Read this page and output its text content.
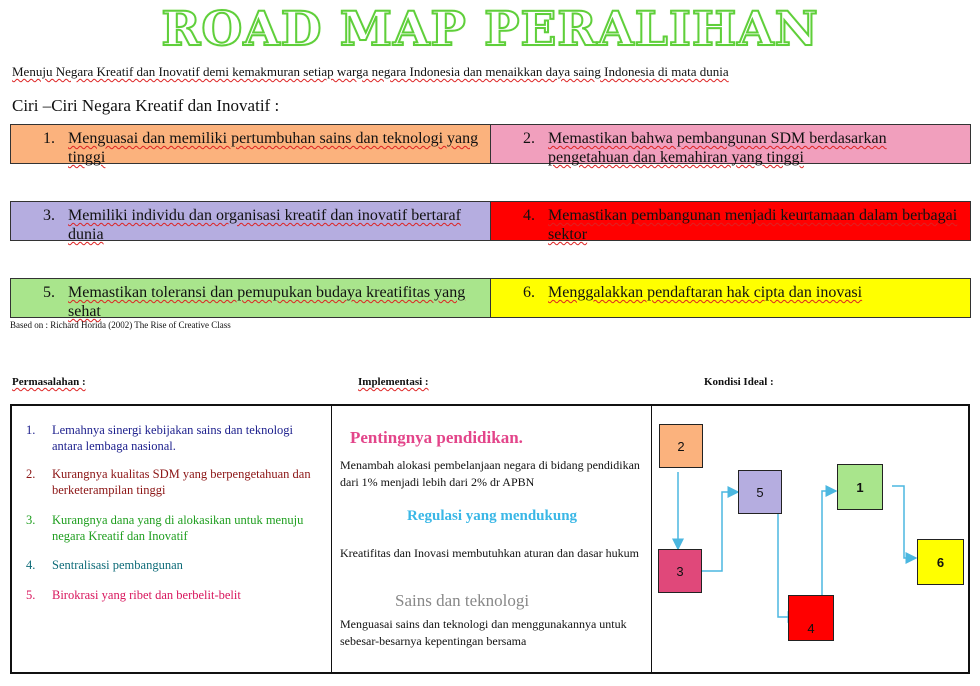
ROAD MAP PERALIHAN
Menuju Negara Kreatif dan Inovatif demi kemakmuran setiap warga negara Indonesia dan menaikkan daya saing Indonesia di mata dunia
Ciri –Ciri Negara Kreatif dan Inovatif :
1. Menguasai dan memiliki pertumbuhan sains dan teknologi yang tinggi
2. Memastikan bahwa pembangunan SDM berdasarkan pengetahuan dan kemahiran yang tinggi
3. Memiliki individu dan organisasi kreatif dan inovatif bertaraf dunia
4. Memastikan pembangunan menjadi keurtamaan dalam berbagai sektor
5. Memastikan toleransi dan pemupukan budaya kreatifitas yang sehat
6. Menggalakkan pendaftaran hak cipta dan inovasi
Based on : Richard Horida (2002) The Rise of Creative Class
Permasalahan :	Implementasi :	Kondisi Ideal :
1. Lemahnya sinergi kebijakan sains dan teknologi antara lembaga nasional.
2. Kurangnya kualitas SDM yang berpengetahuan dan berketerampilan tinggi
3. Kurangnya dana yang di alokasikan untuk menuju negara Kreatif dan Inovatif
4. Sentralisasi pembangunan
5. Birokrasi yang ribet dan berbelit-belit
Pentingnya pendidikan.
Menambah alokasi pembelanjaan negara di bidang pendidikan dari 1% menjadi lebih dari 2% dr APBN
Regulasi yang mendukung
Kreatifitas dan Inovasi membutuhkan aturan dan dasar hukum
Sains dan teknologi
Menguasai sains dan teknologi dan menggunakannya untuk sebesar-besarnya kepentingan bersama
2
3
5
4
1
6
